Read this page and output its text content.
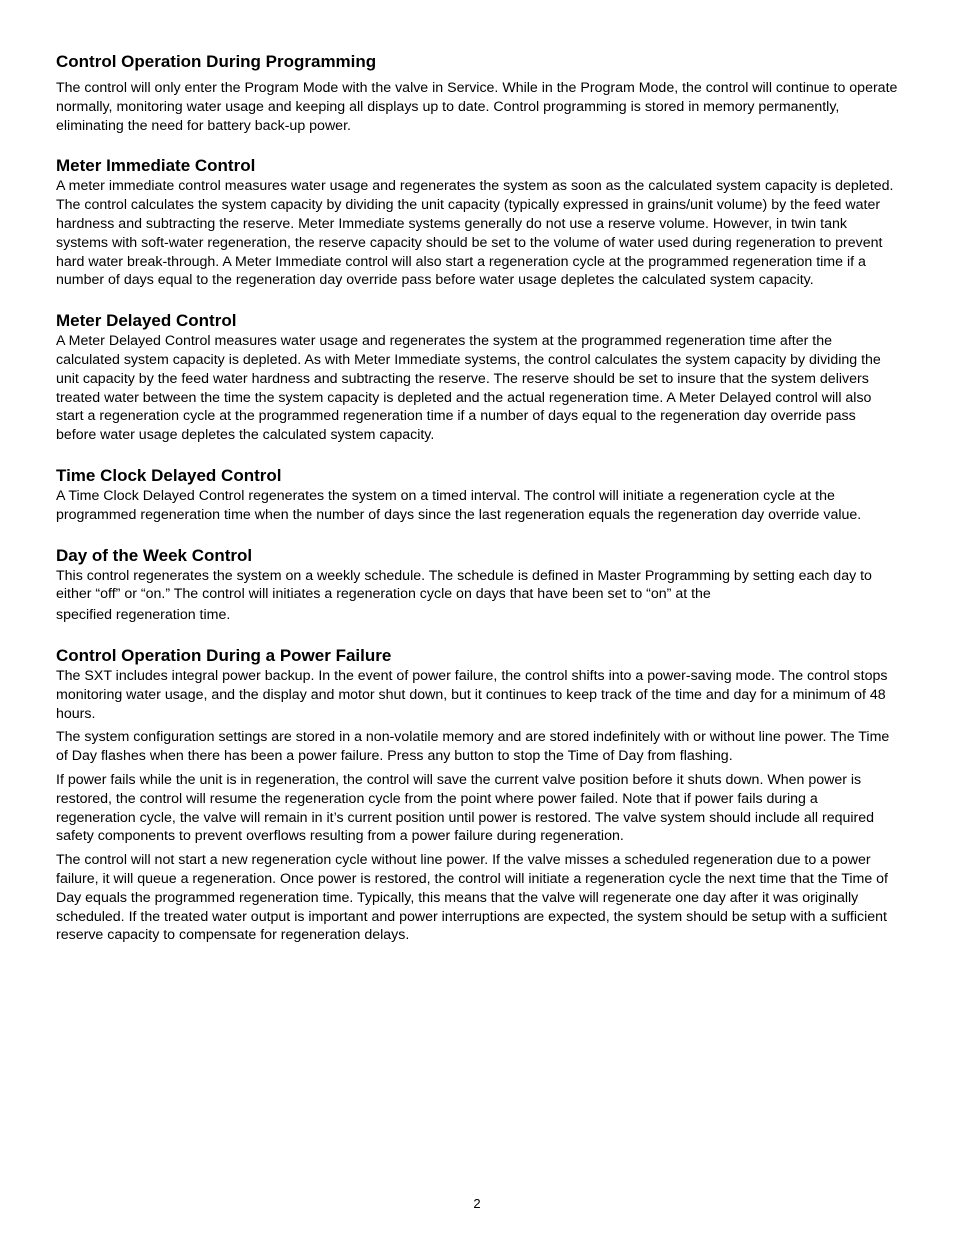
Control Operation During Programming

The control will only enter the Program Mode with the valve in Service. While in the Program Mode, the control will continue to operate normally, monitoring water usage and keeping all displays up to date. Control programming is stored in memory permanently, eliminating the need for battery back-up power.

Meter Immediate Control

A meter immediate control measures water usage and regenerates the system as soon as the calculated system capacity is depleted. The control calculates the system capacity by dividing the unit capacity (typically expressed in grains/unit volume) by the feed water hardness and subtracting the reserve. Meter Immediate systems generally do not use a reserve volume. However, in twin tank systems with soft-water regeneration, the reserve capacity should be set to the volume of water used during regeneration to prevent hard water break-through. A Meter Immediate control will also start a regeneration cycle at the programmed regeneration time if a number of days equal to the regeneration day override pass before water usage depletes the calculated system capacity.

Meter Delayed Control

A Meter Delayed Control measures water usage and regenerates the system at the programmed regeneration time after the calculated system capacity is depleted. As with Meter Immediate systems, the control calculates the system capacity by dividing the unit capacity by the feed water hardness and subtracting the reserve. The reserve should be set to insure that the system delivers treated water between the time the system capacity is depleted and the actual regeneration time. A Meter Delayed control will also start a regeneration cycle at the programmed regeneration time if a number of days equal to the regeneration day override pass before water usage depletes the calculated system capacity.

Time Clock Delayed Control

A Time Clock Delayed Control regenerates the system on a timed interval. The control will initiate a regeneration cycle at the programmed regeneration time when the number of days since the last regeneration equals the regeneration day override value.

Day of the Week Control

This control regenerates the system on a weekly schedule. The schedule is defined in Master Programming by setting each day to either “off” or “on.” The control will initiates a regeneration cycle on days that have been set to “on” at the

specified regeneration time.

Control Operation During a Power Failure

The SXT includes integral power backup. In the event of power failure, the control shifts into a power-saving mode. The control stops monitoring water usage, and the display and motor shut down, but it continues to keep track of the time and day for a minimum of 48 hours.

The system configuration settings are stored in a non-volatile memory and are stored indefinitely with or without line power. The Time of Day flashes when there has been a power failure. Press any button to stop the Time of Day from flashing.

If power fails while the unit is in regeneration, the control will save the current valve position before it shuts down. When power is restored, the control will resume the regeneration cycle from the point where power failed. Note that if power fails during a regeneration cycle, the valve will remain in it’s current position until power is restored. The valve system should include all required safety components to prevent overflows resulting from a power failure during regeneration.

The control will not start a new regeneration cycle without line power. If the valve misses a scheduled regeneration due to a power failure, it will queue a regeneration. Once power is restored, the control will initiate a regeneration cycle the next time that the Time of Day equals the programmed regeneration time. Typically, this means that the valve will regenerate one day after it was originally scheduled. If the treated water output is important and power interruptions are expected, the system should be setup with a sufficient reserve capacity to compensate for regeneration delays.

2
